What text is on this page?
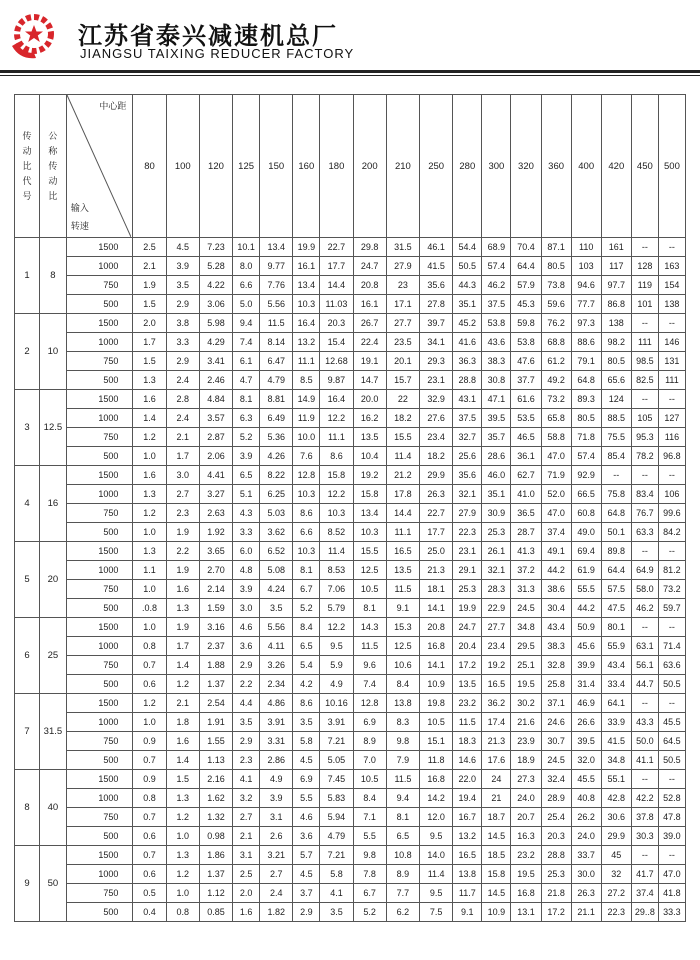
江苏省泰兴减速机总厂
JIANGSU TAIXING REDUCER FACTORY
传动比代号	公称传动比	中心距
输入
转速	80	100	120	125	150	160	180	200	210	250	280	300	320	360	400	420	450	500
1	8	1500	2.5	4.5	7.23	10.1	13.4	19.9	22.7	29.8	31.5	46.1	54.4	68.9	70.4	87.1	110	161	--	--
		1000	2.1	3.9	5.28	8.0	9.77	16.1	17.7	24.7	27.9	41.5	50.5	57.4	64.4	80.5	103	117	128	163
		750	1.9	3.5	4.22	6.6	7.76	13.4	14.4	20.8	23	35.6	44.3	46.2	57.9	73.8	94.6	97.7	119	154
		500	1.5	2.9	3.06	5.0	5.56	10.3	11.03	16.1	17.1	27.8	35.1	37.5	45.3	59.6	77.7	86.8	101	138
2	10	1500	2.0	3.8	5.98	9.4	11.5	16.4	20.3	26.7	27.7	39.7	45.2	53.8	59.8	76.2	97.3	138	--	--
		1000	1.7	3.3	4.29	7.4	8.14	13.2	15.4	22.4	23.5	34.1	41.6	43.6	53.8	68.8	88.6	98.2	111	146
		750	1.5	2.9	3.41	6.1	6.47	11.1	12.68	19.1	20.1	29.3	36.3	38.3	47.6	61.2	79.1	80.5	98.5	131
		500	1.3	2.4	2.46	4.7	4.79	8.5	9.87	14.7	15.7	23.1	28.8	30.8	37.7	49.2	64.8	65.6	82.5	111
3	12.5	1500	1.6	2.8	4.84	8.1	8.81	14.9	16.4	20.0	22	32.9	43.1	47.1	61.6	73.2	89.3	124	--	--
		1000	1.4	2.4	3.57	6.3	6.49	11.9	12.2	16.2	18.2	27.6	37.5	39.5	53.5	65.8	80.5	88.5	105	127
		750	1.2	2.1	2.87	5.2	5.36	10.0	11.1	13.5	15.5	23.4	32.7	35.7	46.5	58.8	71.8	75.5	95.3	116
		500	1.0	1.7	2.06	3.9	4.26	7.6	8.6	10.4	11.4	18.2	25.6	28.6	36.1	47.0	57.4	85.4	78.2	96.8
4	16	1500	1.6	3.0	4.41	6.5	8.22	12.8	15.8	19.2	21.2	29.9	35.6	46.0	62.7	71.9	92.9	--	--	--
		1000	1.3	2.7	3.27	5.1	6.25	10.3	12.2	15.8	17.8	26.3	32.1	35.1	41.0	52.0	66.5	75.8	83.4	106
		750	1.2	2.3	2.63	4.3	5.03	8.6	10.3	13.4	14.4	22.7	27.9	30.9	36.5	47.0	60.8	64.8	76.7	99.6
		500	1.0	1.9	1.92	3.3	3.62	6.6	8.52	10.3	11.1	17.7	22.3	25.3	28.7	37.4	49.0	50.1	63.3	84.2
5	20	1500	1.3	2.2	3.65	6.0	6.52	10.3	11.4	15.5	16.5	25.0	23.1	26.1	41.3	49.1	69.4	89.8	--	--
		1000	1.1	1.9	2.70	4.8	5.08	8.1	8.53	12.5	13.5	21.3	29.1	32.1	37.2	44.2	61.9	64.4	64.9	81.2
		750	1.0	1.6	2.14	3.9	4.24	6.7	7.06	10.5	11.5	18.1	25.3	28.3	31.3	38.6	55.5	57.5	58.0	73.2
		500	.0.8	1.3	1.59	3.0	3.5	5.2	5.79	8.1	9.1	14.1	19.9	22.9	24.5	30.4	44.2	47.5	46.2	59.7
6	25	1500	1.0	1.9	3.16	4.6	5.56	8.4	12.2	14.3	15.3	20.8	24.7	27.7	34.8	43.4	50.9	80.1	--	--
		1000	0.8	1.7	2.37	3.6	4.11	6.5	9.5	11.5	12.5	16.8	20.4	23.4	29.5	38.3	45.6	55.9	63.1	71.4
		750	0.7	1.4	1.88	2.9	3.26	5.4	5.9	9.6	10.6	14.1	17.2	19.2	25.1	32.8	39.9	43.4	56.1	63.6
		500	0.6	1.2	1.37	2.2	2.34	4.2	4.9	7.4	8.4	10.9	13.5	16.5	19.5	25.8	31.4	33.4	44.7	50.5
7	31.5	1500	1.2	2.1	2.54	4.4	4.86	8.6	10.16	12.8	13.8	19.8	23.2	36.2	30.2	37.1	46.9	64.1	--	--
		1000	1.0	1.8	1.91	3.5	3.91	3.5	3.91	6.9	8.3	10.5	11.5	17.4	21.6	24.6	26.6	33.9	43.3	45.5
		750	0.9	1.6	1.55	2.9	3.31	5.8	7.21	8.9	9.8	15.1	18.3	21.3	23.9	30.7	39.5	41.5	50.0	64.5
		500	0.7	1.4	1.13	2.3	2.86	4.5	5.05	7.0	7.9	11.8	14.6	17.6	18.9	24.5	32.0	34.8	41.1	50.5
8	40	1500	0.9	1.5	2.16	4.1	4.9	6.9	7.45	10.5	11.5	16.8	22.0	24	27.3	32.4	45.5	55.1	--	--
		1000	0.8	1.3	1.62	3.2	3.9	5.5	5.83	8.4	9.4	14.2	19.4	21	24.0	28.9	40.8	42.8	42.2	52.8
		750	0.7	1.2	1.32	2.7	3.1	4.6	5.94	7.1	8.1	12.0	16.7	18.7	20.7	25.4	26.2	30.6	37.8	47.8
		500	0.6	1.0	0.98	2.1	2.6	3.6	4.79	5.5	6.5	9.5	13.2	14.5	16.3	20.3	24.0	29.9	30.3	39.0
9	50	1500	0.7	1.3	1.86	3.1	3.21	5.7	7.21	9.8	10.8	14.0	16.5	18.5	23.2	28.8	33.7	45	--	--
		1000	0.6	1.2	1.37	2.5	2.7	4.5	5.8	7.8	8.9	11.4	13.8	15.8	19.5	25.3	30.0	32	41.7	47.0
		750	0.5	1.0	1.12	2.0	2.4	3.7	4.1	6.7	7.7	9.5	11.7	14.5	16.8	21.8	26.3	27.2	37.4	41.8
		500	0.4	0.8	0.85	1.6	1.82	2.9	3.5	5.2	6.2	7.5	9.1	10.9	13.1	17.2	21.1	22.3	29..8	33.3
